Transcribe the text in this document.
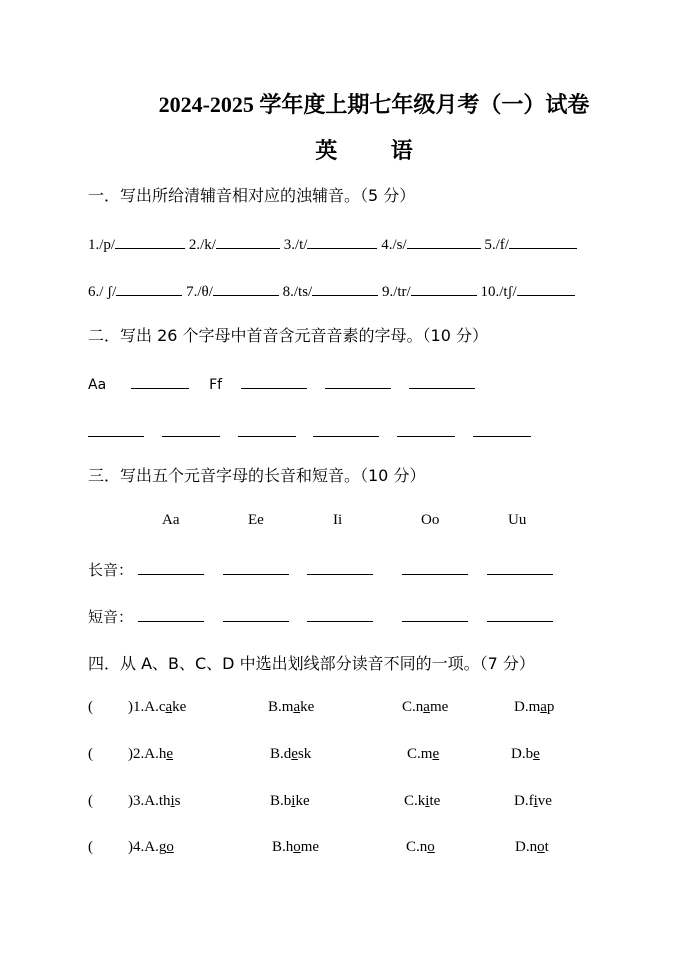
2024-2025 学年度上期七年级月考（一）试卷
英 语
一．写出所给清辅音相对应的浊辅音。（5 分）
1./p/	2./k/	3./t/	4./s/	5./f/
6./ ʃ/	7./θ/	8./ts/	9./tr/	10./tʃ/
二．写出 26 个字母中首音含元音音素的字母。（10 分）
Aa	Ff

三．写出五个元音字母的长音和短音。（10 分）
Aa	Ee	Ii	Oo	Uu
长音：
短音：
四．从 A、B、C、D 中选出划线部分读音不同的一项。（7 分）
( )1.A.cake	B.make	C.name	D.map
( )2.A.he	B.desk	C.me	D.be
( )3.A.this	B.bike	C.kite	D.five
( )4.A.go	B.home	C.no	D.not
